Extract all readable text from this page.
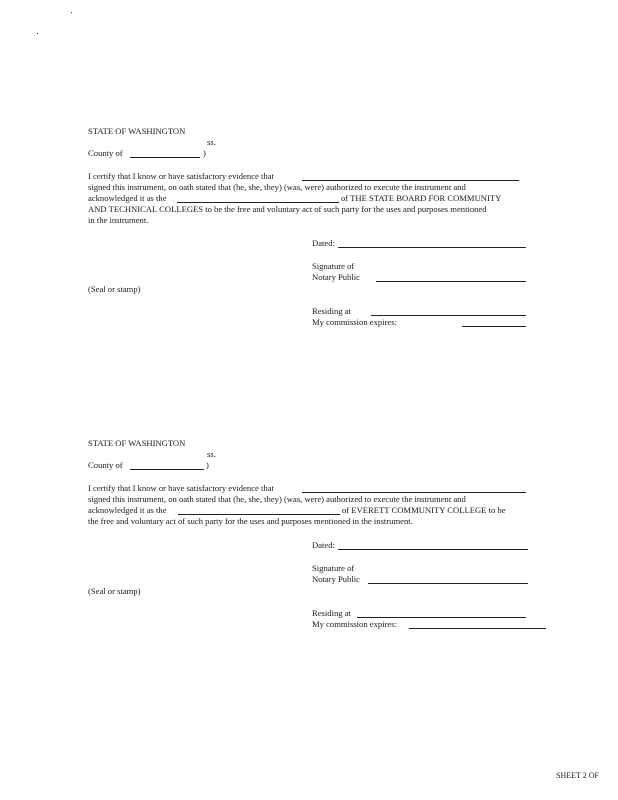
STATE OF WASHINGTON
ss.
County of	)
I certify that I know or have satisfactory evidence that
signed this instrument, on oath stated that (he, she, they) (was, were) authorized to execute the instrument and
acknowledged it as the	of THE STATE BOARD FOR COMMUNITY
AND TECHNICAL COLLEGES to be the free and voluntary act of such party for the uses and purposes mentioned
in the instrument.
Dated:
Signature of
Notary Public
(Seal or stamp)
Residing at
My commission expires:
STATE OF WASHINGTON
ss.
County of	)
I certify that I know or have satisfactory evidence that
signed this instrument, on oath stated that (he, she, they) (was, were) authorized to execute the instrument and
acknowledged it as the	of EVERETT COMMUNITY COLLEGE to be
the free and voluntary act of such party for the uses and purposes mentioned in the instrument.
Dated:
Signature of
Notary Public
(Seal or stamp)
Residing at
My commission expires:
SHEET 2 OF
